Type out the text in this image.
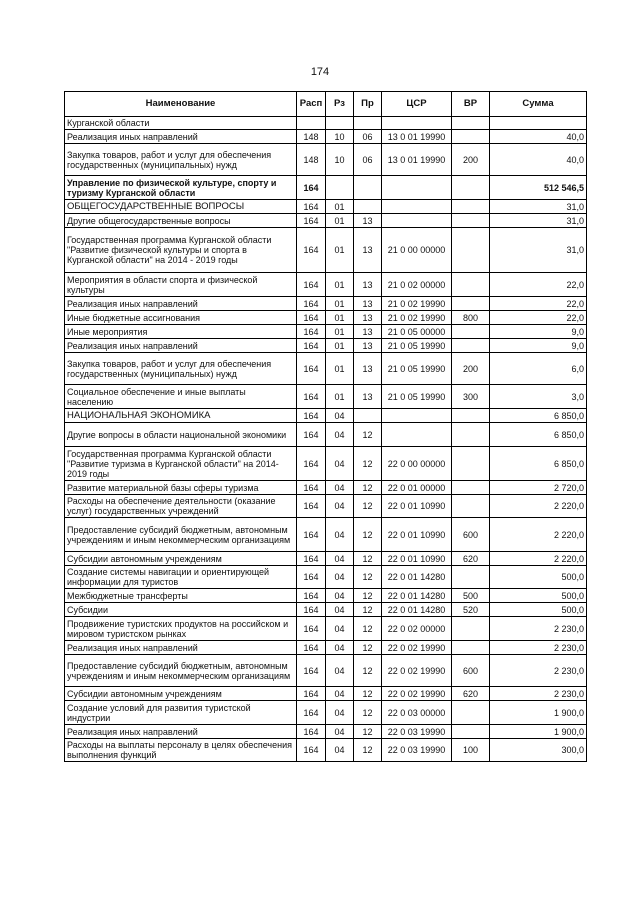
174
Наименование	Расп	Рз	Пр	ЦСР	ВР	Сумма
Курганской области						
Реализация иных направлений	148	10	06	13 0 01 19990		40,0
Закупка товаров, работ и услуг для обеспечения государственных (муниципальных) нужд	148	10	06	13 0 01 19990	200	40,0
Управление по физической культуре, спорту и туризму Курганской области	164					512 546,5
ОБЩЕГОСУДАРСТВЕННЫЕ ВОПРОСЫ	164	01				31,0
Другие общегосударственные вопросы	164	01	13			31,0
Государственная программа Курганской области "Развитие физической культуры и спорта в Курганской области" на 2014 - 2019 годы	164	01	13	21 0 00 00000		31,0
Мероприятия в области спорта и физической культуры	164	01	13	21 0 02 00000		22,0
Реализация иных направлений	164	01	13	21 0 02 19990		22,0
Иные бюджетные ассигнования	164	01	13	21 0 02 19990	800	22,0
Иные мероприятия	164	01	13	21 0 05 00000		9,0
Реализация иных направлений	164	01	13	21 0 05 19990		9,0
Закупка товаров, работ и услуг для обеспечения государственных (муниципальных) нужд	164	01	13	21 0 05 19990	200	6,0
Социальное обеспечение и иные выплаты населению	164	01	13	21 0 05 19990	300	3,0
НАЦИОНАЛЬНАЯ ЭКОНОМИКА	164	04				6 850,0
Другие вопросы в области национальной экономики	164	04	12			6 850,0
Государственная программа Курганской области "Развитие туризма в Курганской области" на 2014-2019 годы	164	04	12	22 0 00 00000		6 850,0
Развитие материальной базы сферы туризма	164	04	12	22 0 01 00000		2 720,0
Расходы на обеспечение деятельности (оказание услуг) государственных учреждений	164	04	12	22 0 01 10990		2 220,0
Предоставление субсидий бюджетным, автономным учреждениям и иным некоммерческим организациям	164	04	12	22 0 01 10990	600	2 220,0
Субсидии автономным учреждениям	164	04	12	22 0 01 10990	620	2 220,0
Создание системы навигации и ориентирующей информации для туристов	164	04	12	22 0 01 14280		500,0
Межбюджетные трансферты	164	04	12	22 0 01 14280	500	500,0
Субсидии	164	04	12	22 0 01 14280	520	500,0
Продвижение туристских продуктов на российском и мировом туристском рынках	164	04	12	22 0 02 00000		2 230,0
Реализация иных направлений	164	04	12	22 0 02 19990		2 230,0
Предоставление субсидий бюджетным, автономным учреждениям и иным некоммерческим организациям	164	04	12	22 0 02 19990	600	2 230,0
Субсидии автономным учреждениям	164	04	12	22 0 02 19990	620	2 230,0
Создание условий для развития туристской индустрии	164	04	12	22 0 03 00000		1 900,0
Реализация иных направлений	164	04	12	22 0 03 19990		1 900,0
Расходы на выплаты персоналу в целях обеспечения выполнения функций	164	04	12	22 0 03 19990	100	300,0
